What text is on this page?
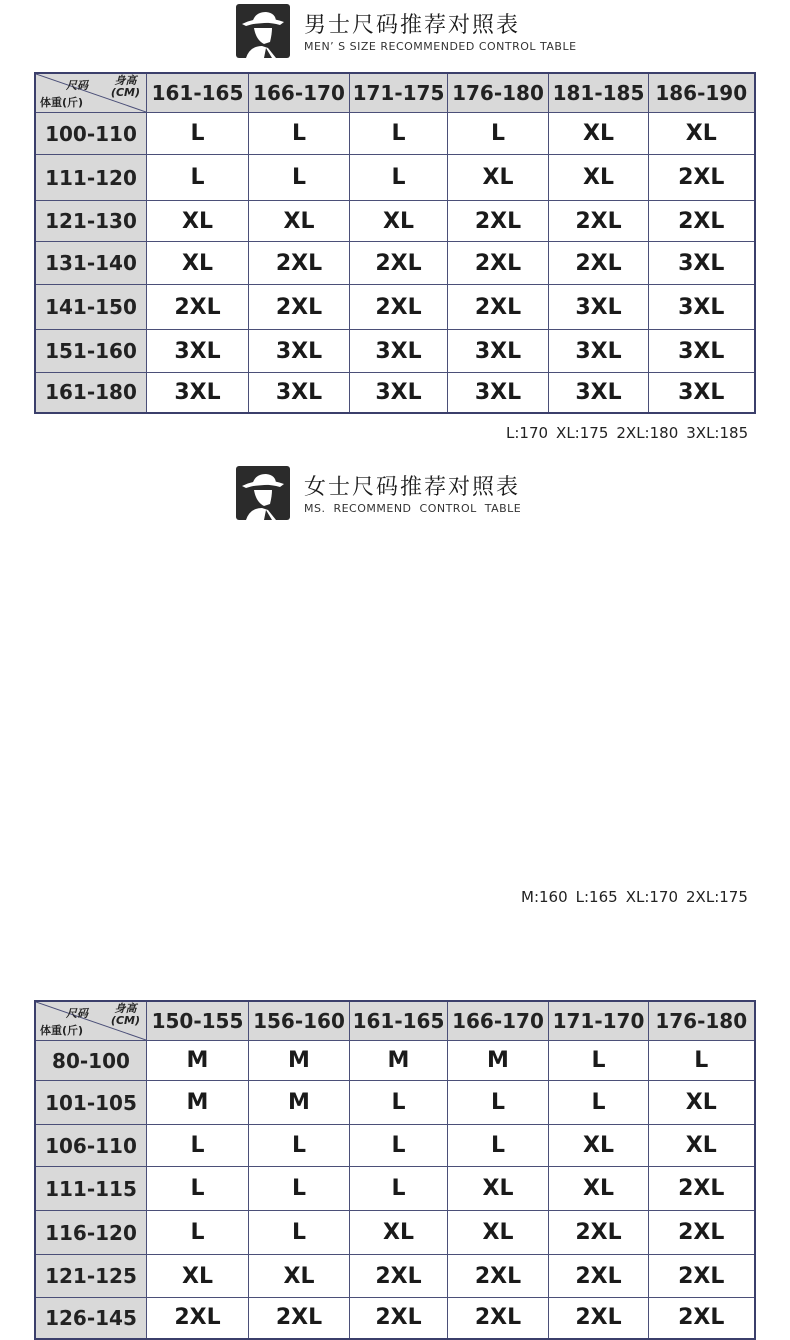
男士尺码推荐对照表
MEN’ S SIZE RECOMMENDED CONTROL TABLE
尺码 身高
(CM)
体重(斤)	161-165	166-170	171-175	176-180	181-185	186-190
100-110	L	L	L	L	XL	XL
111-120	L	L	L	XL	XL	2XL
121-130	XL	XL	XL	2XL	2XL	2XL
131-140	XL	2XL	2XL	2XL	2XL	3XL
141-150	2XL	2XL	2XL	2XL	3XL	3XL
151-160	3XL	3XL	3XL	3XL	3XL	3XL
161-180	3XL	3XL	3XL	3XL	3XL	3XL
L:170 XL:175 2XL:180 3XL:185
女士尺码推荐对照表
MS.  RECOMMEND  CONTROL  TABLE
尺码 身高
(CM)
体重(斤)	150-155	156-160	161-165	166-170	171-170	176-180
80-100	M	M	M	M	L	L
101-105	M	M	L	L	L	XL
106-110	L	L	L	L	XL	XL
111-115	L	L	L	XL	XL	2XL
116-120	L	L	XL	XL	2XL	2XL
121-125	XL	XL	2XL	2XL	2XL	2XL
126-145	2XL	2XL	2XL	2XL	2XL	2XL
M:160 L:165 XL:170 2XL:175
